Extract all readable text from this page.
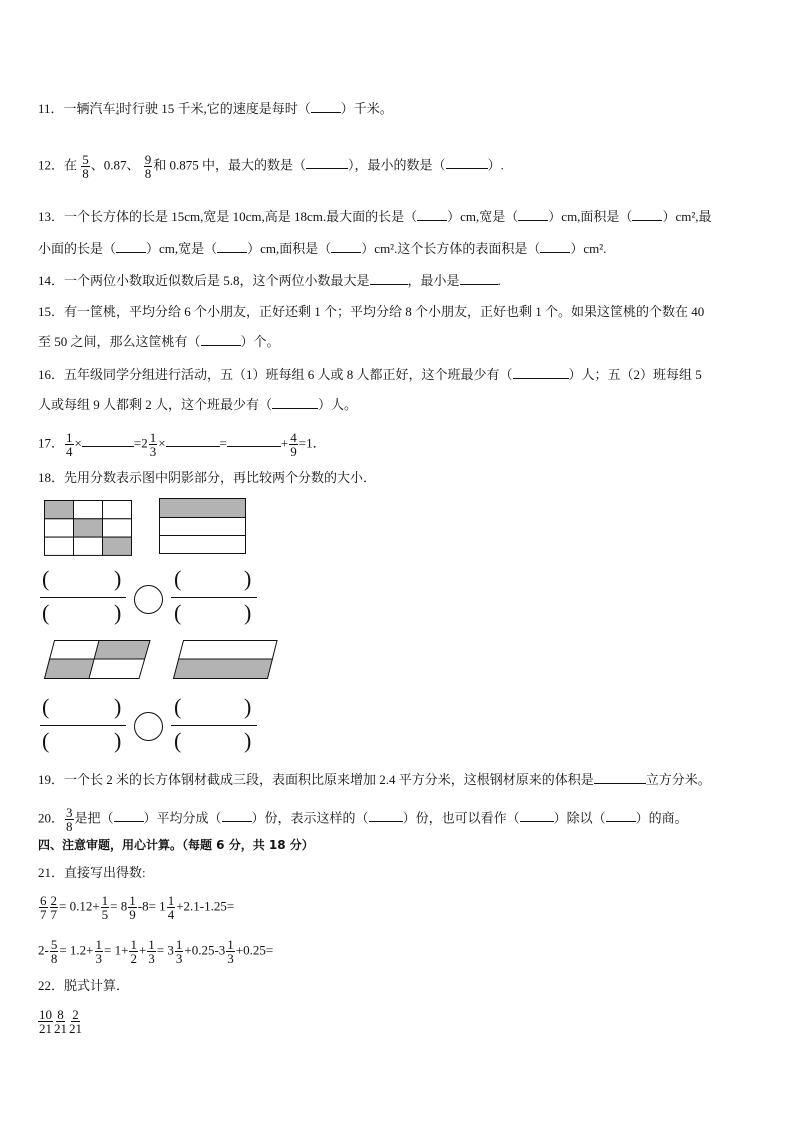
11．一辆汽车 1
4 时行驶 15 千米,它的速度是每时（ ）千米。
12．在 $\frac{5}{8}$ 、0.87、 $\frac{9}{8}$ 和 0.875 中，最大的数是（	），最小的数是（	）.
13．一个长方体的长是 15cm,宽是 10cm,高是 18cm.最大面的长是（ ）cm,宽是（ ）cm,面积是（ ）cm²,最
小面的长是（ ）cm,宽是（ ）cm,面积是（ ）cm².这个长方体的表面积是（ ）cm².
14．一个两位小数取近似数后是 5.8，这个两位小数最大是	，最小是	.
15．有一筐桃，平均分给 6 个小朋友，正好还剩 1 个；平均分给 8 个小朋友，正好也剩 1 个。如果这筐桃的个数在 40
至 50 之间，那么这筐桃有（	）个。
16．五年级同学分组进行活动，五（1）班每组 6 人或 8 人都正好，这个班最少有（	）人；五（2）班每组 5
人或每组 9 人都剩 2 人，这个班最少有（	）人。
17． $\frac{1}{4}$ ×	$=2 \frac{1}{3}$ ×	=	+ $\frac{4}{9} =1$．
18．先用分数表示图中阴影部分，再比较两个分数的大小．
(	)
(	)
(	)
(	)
(	)
(	)
(	)
(	)
19．一个长 2 米的长方体钢材截成三段，表面积比原来增加 2.4 平方分米，这根钢材原来的体积是	立方分米。
20． $\frac{3}{8}$ 是把（ ）平均分成（ ）份，表示这样的（	）份，也可以看作（	）除以（ ）的商。
四、注意审题，用心计算。（每题 6 分，共 18 分）
21．直接写出得数:
$\frac{6}{7} \frac{2}{7} = 0.12+ \frac{1}{5} = 8 \frac{1}{9} -8= 1 \frac{1}{4} +2.1-1.25=$
$2- \frac{5}{8} = 1.2+ \frac{1}{3} = 1+ \frac{1}{2} + \frac{1}{3} = 3 \frac{1}{3} +0.25-3 \frac{1}{3} +0.25=$
22．脱式计算．
$\frac{10}{21} \frac{8}{21} \frac{2}{21}$
